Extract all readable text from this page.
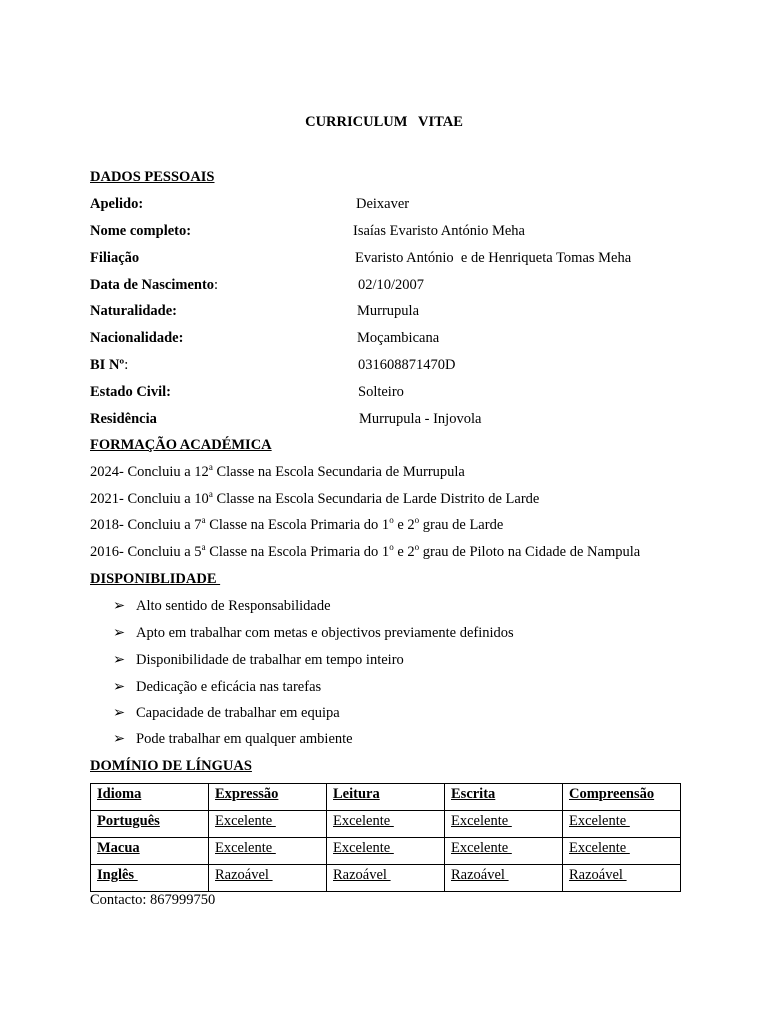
CURRICULUM   VITAE
DADOS PESSOAIS
Apelido:	Deixaver
Nome completo:	Isaías Evaristo António Meha
Filiação	Evaristo António  e de Henriqueta Tomas Meha
Data de Nascimento:	02/10/2007
Naturalidade:	Murrupula
Nacionalidade:	Moçambicana
BI Nº:	031608871470D
Estado Civil:	Solteiro
Residência	Murrupula - Injovola
FORMAÇÃO ACADÉMICA
2024- Concluiu a 12$^a$ Classe na Escola Secundaria de Murrupula
2021- Concluiu a 10$^a$ Classe na Escola Secundaria de Larde Distrito de Larde
2018- Concluiu a 7$^a$ Classe na Escola Primaria do 1$^o$ e 2$^o$ grau de Larde
2016- Concluiu a 5$^a$ Classe na Escola Primaria do 1$^o$ e 2$^o$ grau de Piloto na Cidade de Nampula
DISPONIBLIDADE
➢ Alto sentido de Responsabilidade
➢ Apto em trabalhar com metas e objectivos previamente definidos
➢ Disponibilidade de trabalhar em tempo inteiro
➢ Dedicação e eficácia nas tarefas
➢ Capacidade de trabalhar em equipa
➢ Pode trabalhar em qualquer ambiente
DOMÍNIO DE LÍNGUAS
Idioma	Expressão	Leitura	Escrita	Compreensão
Português	Excelente	Excelente	Excelente	Excelente
Macua	Excelente	Excelente	Excelente	Excelente
Inglês	Razoável	Razoável	Razoável	Razoável
Contacto: 867999750
